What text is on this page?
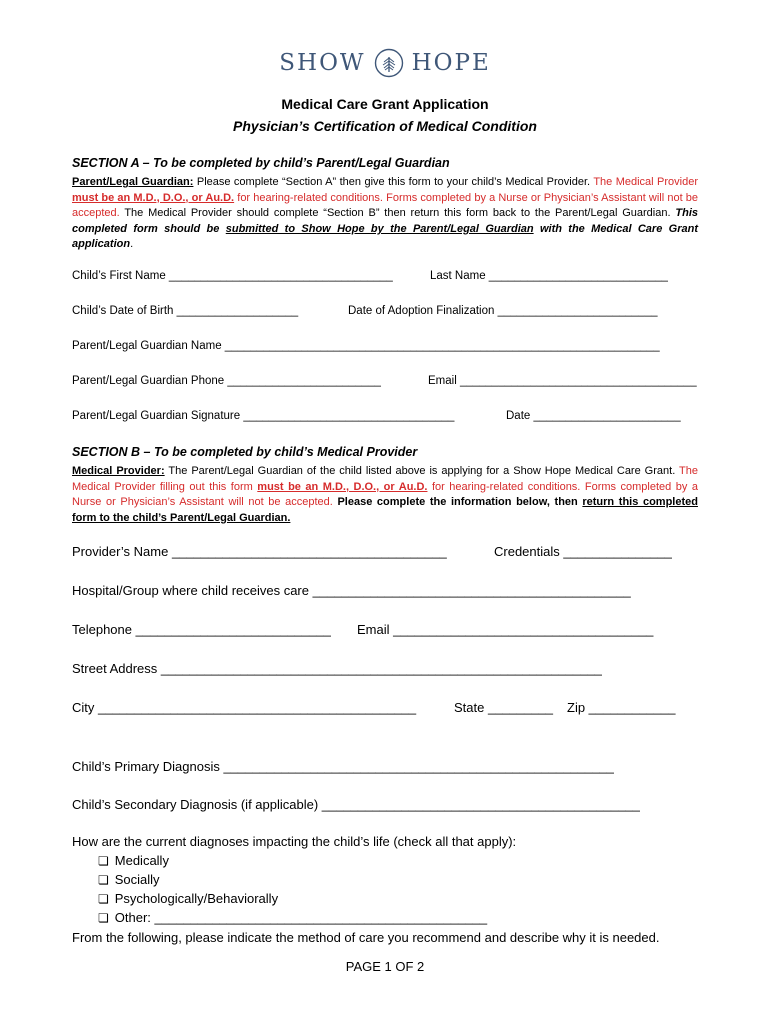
SHOW HOPE
Medical Care Grant Application
Physician’s Certification of Medical Condition
SECTION A – To be completed by child’s Parent/Legal Guardian
Parent/Legal Guardian: Please complete “Section A” then give this form to your child’s Medical Provider. The Medical Provider must be an M.D., D.O., or Au.D. for hearing-related conditions. Forms completed by a Nurse or Physician’s Assistant will not be accepted. The Medical Provider should complete “Section B” then return this form back to the Parent/Legal Guardian. This completed form should be submitted to Show Hope by the Parent/Legal Guardian with the Medical Care Grant application.
Child’s First Name ___________________________________	Last Name ____________________________
Child’s Date of Birth ___________________	Date of Adoption Finalization _________________________
Parent/Legal Guardian Name ____________________________________________________________________
Parent/Legal Guardian Phone ________________________	Email _____________________________________
Parent/Legal Guardian Signature _________________________________	Date _______________________
SECTION B – To be completed by child’s Medical Provider
Medical Provider: The Parent/Legal Guardian of the child listed above is applying for a Show Hope Medical Care Grant. The Medical Provider filling out this form must be an M.D., D.O., or Au.D. for hearing-related conditions. Forms completed by a Nurse or Physician’s Assistant will not be accepted. Please complete the information below, then return this completed form to the child’s Parent/Legal Guardian.
Provider’s Name ______________________________________	Credentials _______________
Hospital/Group where child receives care ____________________________________________
Telephone ___________________________ Email ____________________________________
Street Address _____________________________________________________________
City ____________________________________________	State _________ Zip ____________
Child’s Primary Diagnosis ______________________________________________________
Child’s Secondary Diagnosis (if applicable) ____________________________________________
How are the current diagnoses impacting the child’s life (check all that apply):
❏ Medically
❏ Socially
❏ Psychologically/Behaviorally
❏ Other: ______________________________________________
From the following, please indicate the method of care you recommend and describe why it is needed.
PAGE 1 OF 2
